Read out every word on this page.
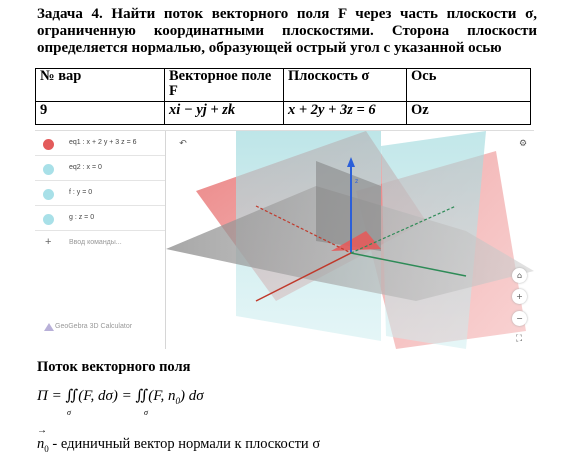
Задача 4. Найти поток векторного поля F через часть плоскости σ, ограниченную координатными плоскостями. Сторона плоскости определяется нормалью, образующей острый угол с указанной осью
№ вар	Векторное поле F	Плоскость σ	Ось
9	xi − yj + zk	x + 2y + 3z = 6	Oz
eq1 : x + 2 y + 3 z = 6
eq2 : x = 0
f : y = 0
g : z = 0
+	Ввод команды...
GeoGebra 3D Calculator
z
↶	⚙
⌂
+
−
⛶
Поток векторного поля
Π = ∬(F, dσ) = ∬(F, $n_0$) dσ
σ	σ
→ $n_0$ - единичный вектор нормали к плоскости σ
